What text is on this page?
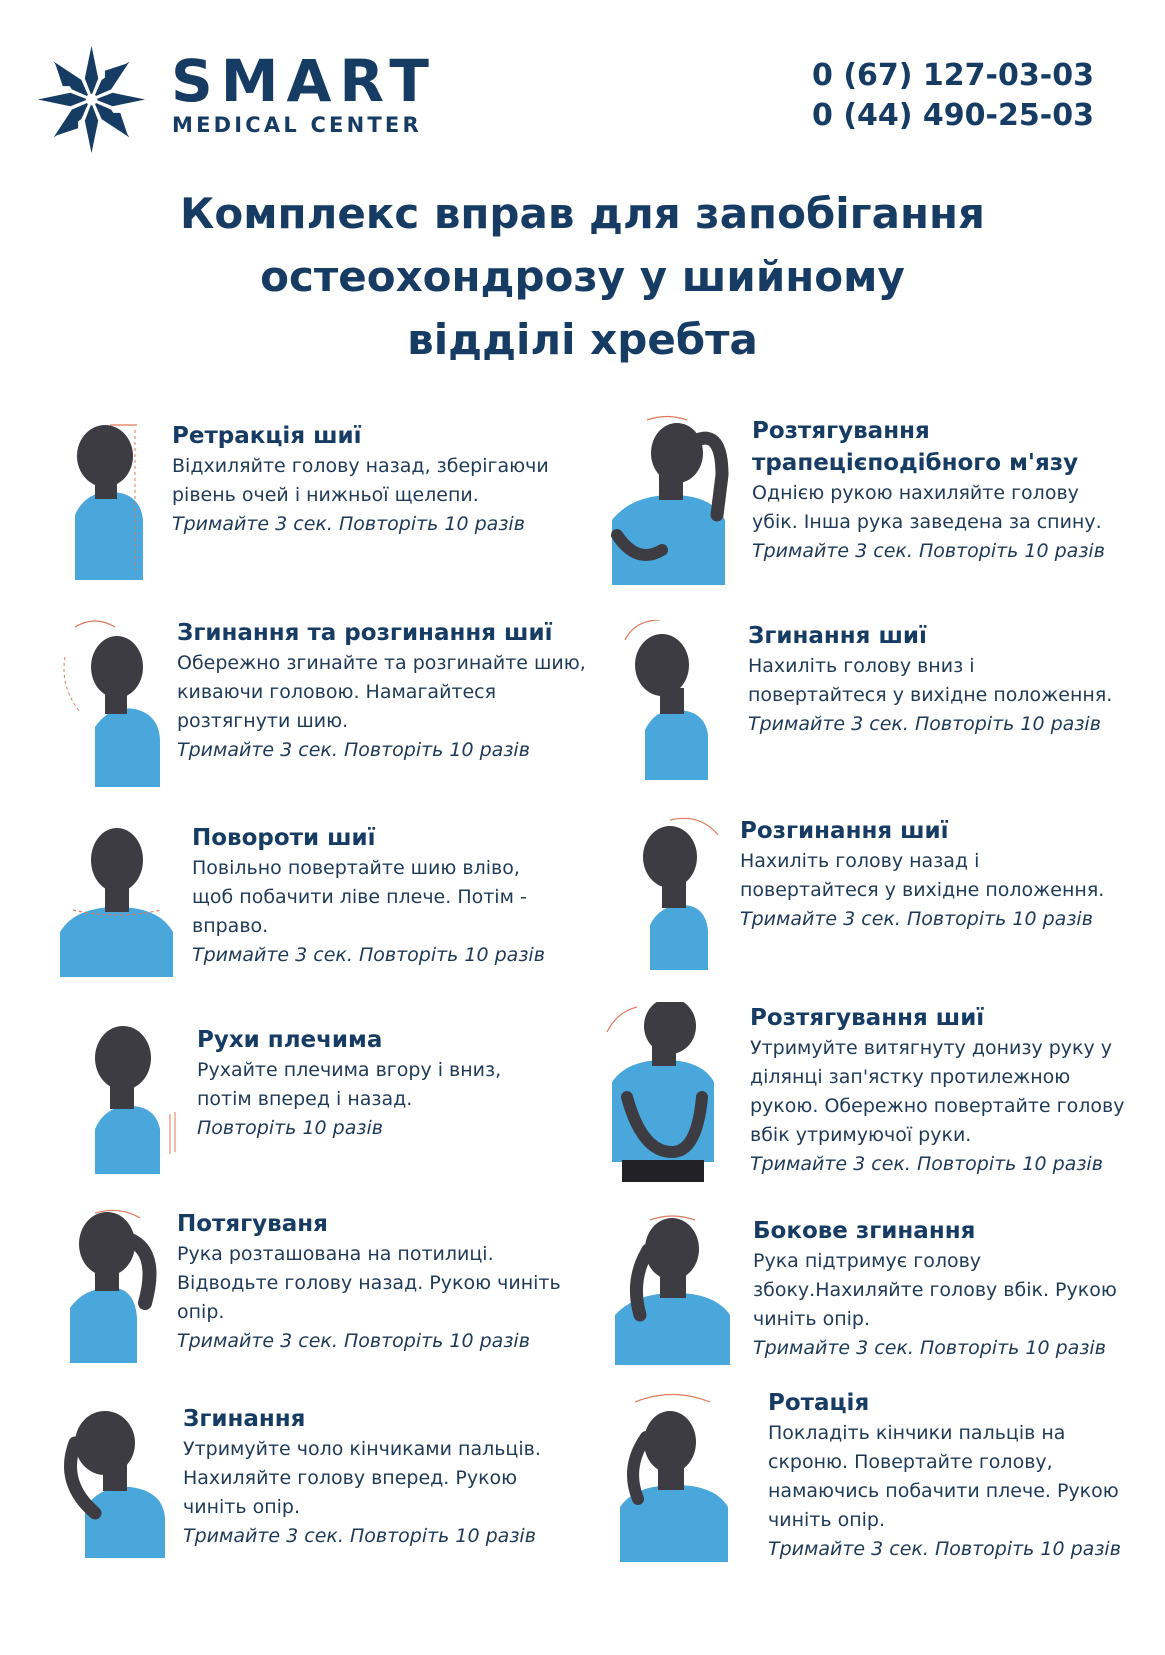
SMART
MEDICAL CENTER
0 (67) 127-03-03
0 (44) 490-25-03
Комплекс вправ для запобігання
остеохондрозу у шийному
відділі хребта
Ретракція шиї

Відхиляйте голову назад, зберігаючи

рівень очей і нижньої щелепи.

Тримайте 3 сек. Повторіть 10 разів

Згинання та розгинання шиї

Обережно згинайте та розгинайте шию,

киваючи головою. Намагайтеся

розтягнути шию.

Тримайте 3 сек. Повторіть 10 разів

Повороти шиї

Повільно повертайте шию вліво,

щоб побачити ліве плече. Потім -

вправо.

Тримайте 3 сек. Повторіть 10 разів

Рухи плечима

Рухайте плечима вгору і вниз,

потім вперед і назад.

Повторіть 10 разів

Потягуваня

Рука розташована на потилиці.

Відводьте голову назад. Рукою чиніть

опір.

Тримайте 3 сек. Повторіть 10 разів

Згинання

Утримуйте чоло кінчиками пальців.

Нахиляйте голову вперед. Рукою

чиніть опір.

Тримайте 3 сек. Повторіть 10 разів

Розтягування
трапецієподібного м'язу

Однією рукою нахиляйте голову

убік. Інша рука заведена за спину.

Тримайте 3 сек. Повторіть 10 разів

Згинання шиї

Нахиліть голову вниз і

повертайтеся у вихідне положення.

Тримайте 3 сек. Повторіть 10 разів

Розгинання шиї

Нахиліть голову назад і

повертайтеся у вихідне положення.

Тримайте 3 сек. Повторіть 10 разів

Розтягування шиї

Утримуйте витягнуту донизу руку у

ділянці зап'ястку протилежною

рукою. Обережно повертайте голову

вбік утримуючої руки.

Тримайте 3 сек. Повторіть 10 разів

Бокове згинання

Рука підтримує голову

збоку.Нахиляйте голову вбік. Рукою

чиніть опір.

Тримайте 3 сек. Повторіть 10 разів

Ротація

Покладіть кінчики пальців на

скроню. Повертайте голову,

намаючись побачити плече. Рукою

чиніть опір.

Тримайте 3 сек. Повторіть 10 разів
